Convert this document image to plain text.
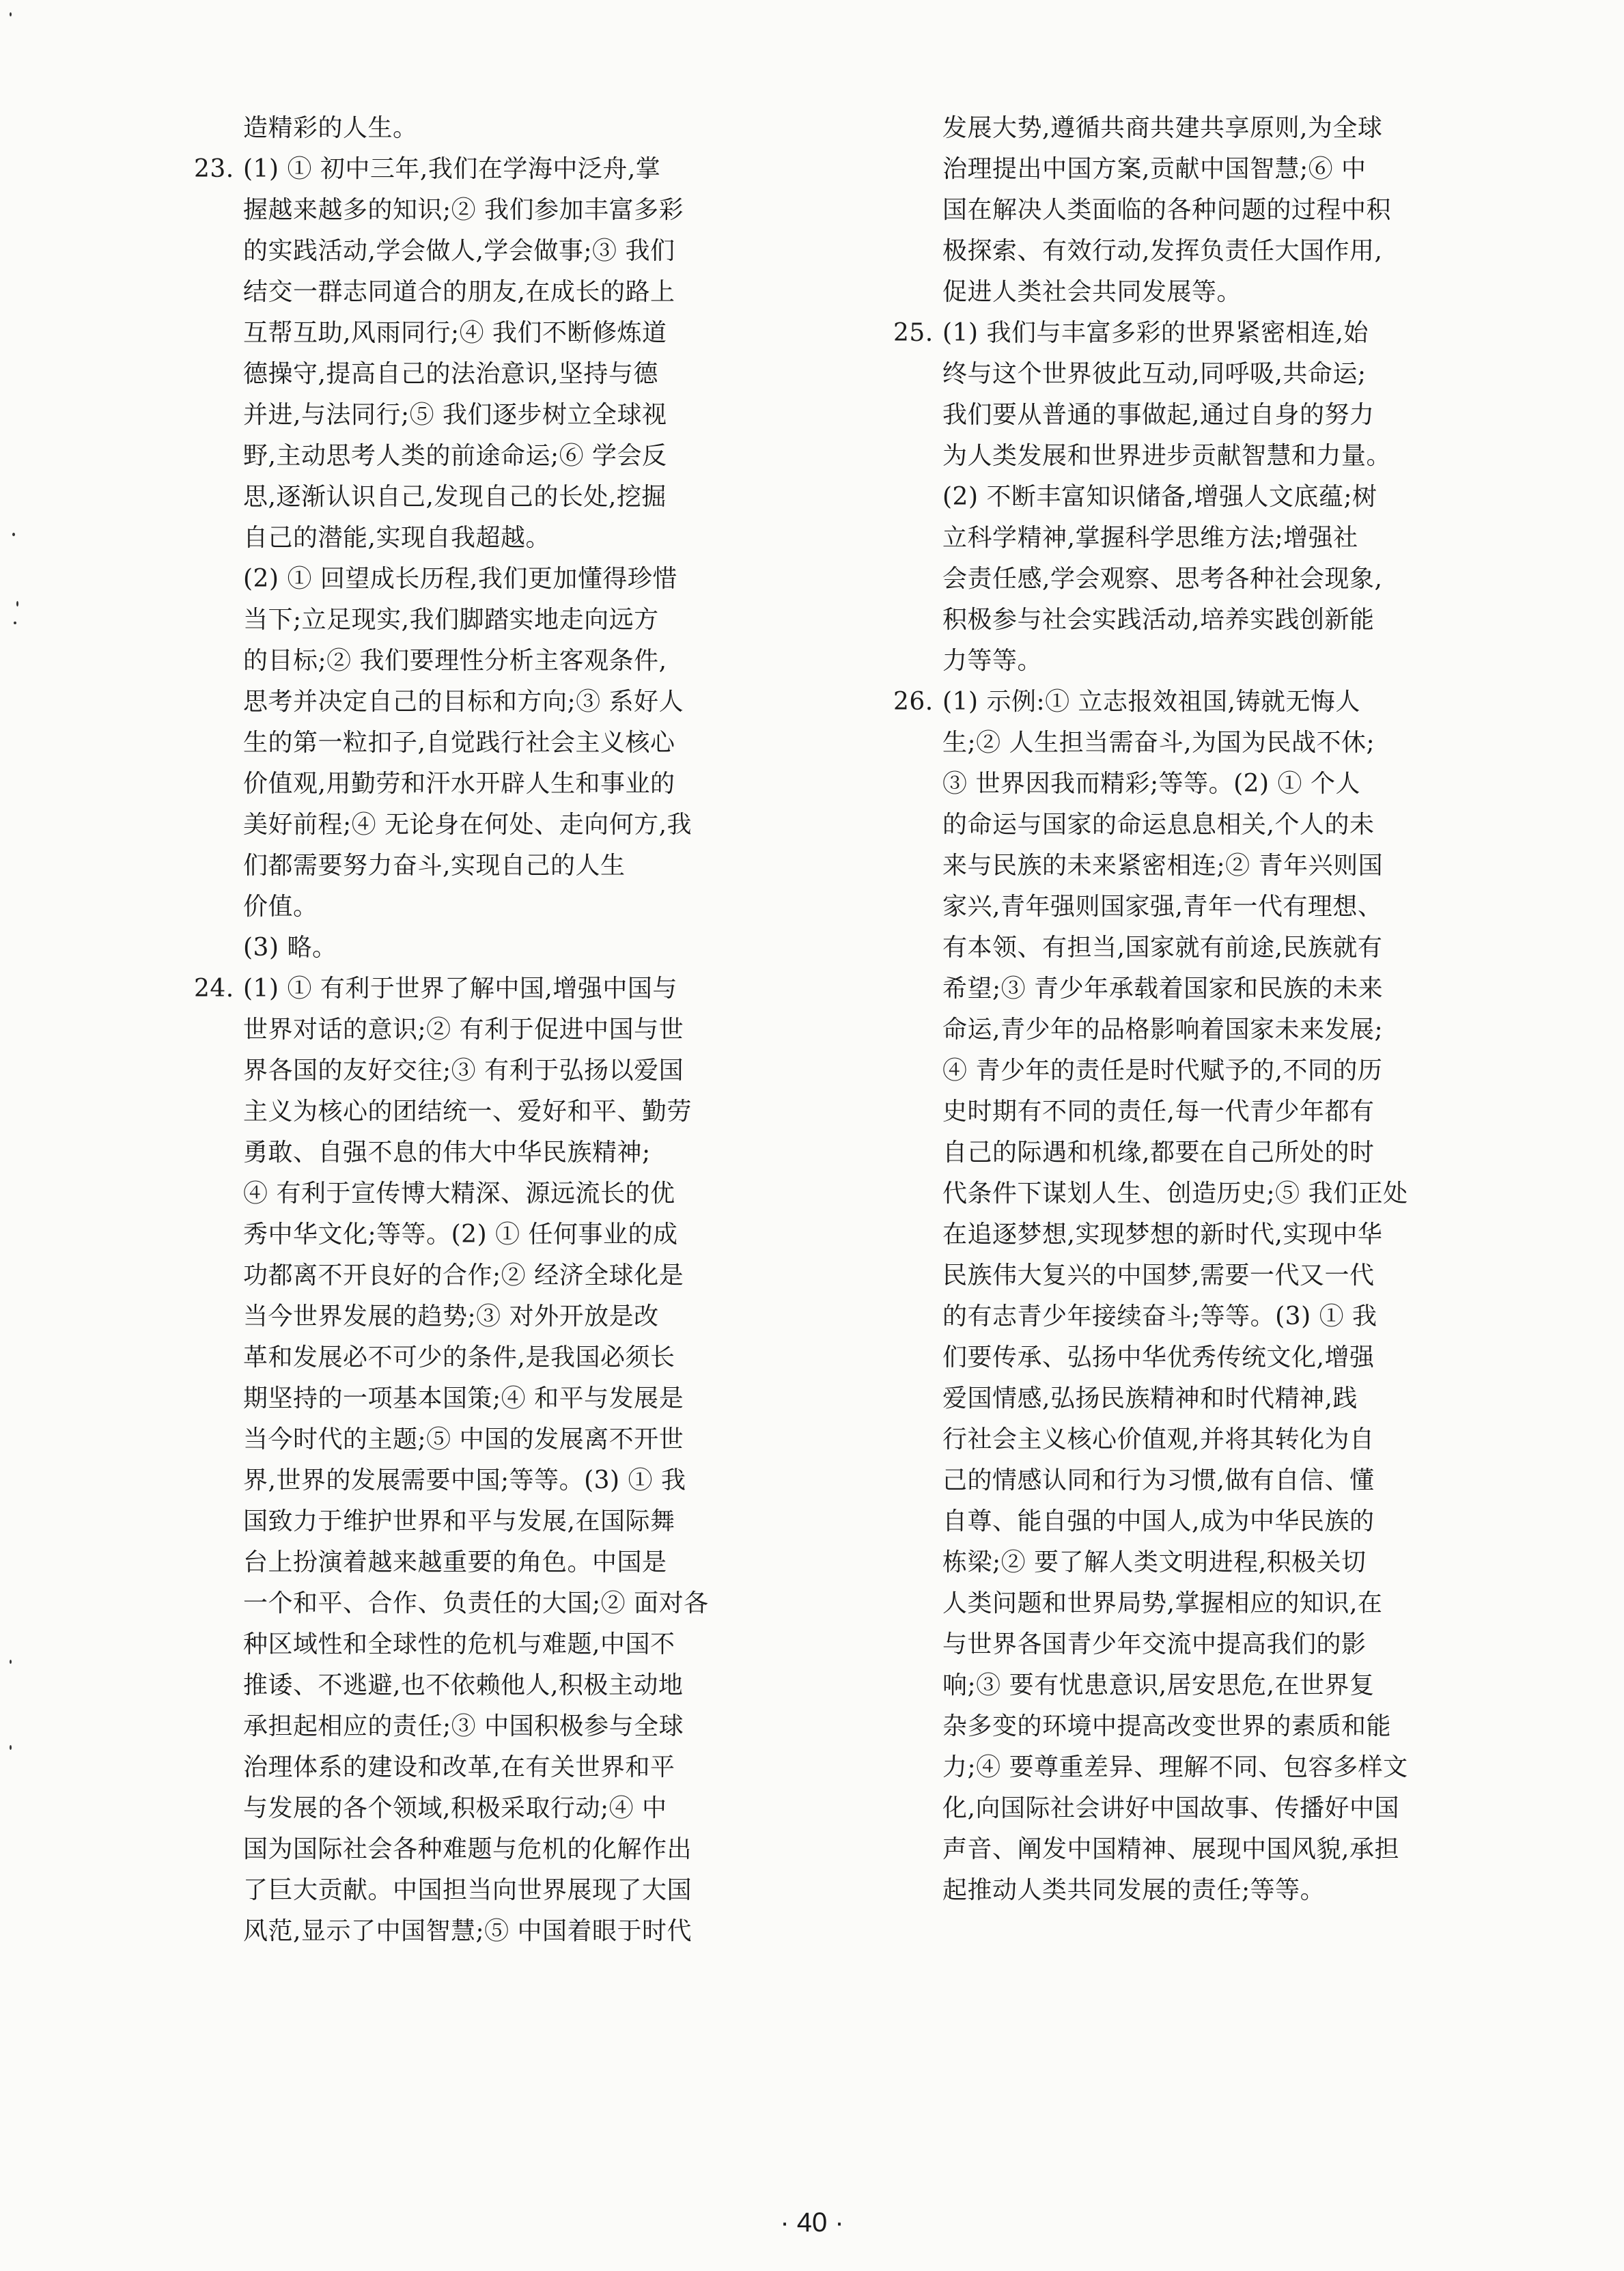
造精彩的人生。
23. (1) ① 初中三年,我们在学海中泛舟,掌
握越来越多的知识;② 我们参加丰富多彩
的实践活动,学会做人,学会做事;③ 我们
结交一群志同道合的朋友,在成长的路上
互帮互助,风雨同行;④ 我们不断修炼道
德操守,提高自己的法治意识,坚持与德
并进,与法同行;⑤ 我们逐步树立全球视
野,主动思考人类的前途命运;⑥ 学会反
思,逐渐认识自己,发现自己的长处,挖掘
自己的潜能,实现自我超越。
(2) ① 回望成长历程,我们更加懂得珍惜
当下;立足现实,我们脚踏实地走向远方
的目标;② 我们要理性分析主客观条件,
思考并决定自己的目标和方向;③ 系好人
生的第一粒扣子,自觉践行社会主义核心
价值观,用勤劳和汗水开辟人生和事业的
美好前程;④ 无论身在何处、走向何方,我
们都需要努力奋斗,实现自己的人生
价值。
(3) 略。
24. (1) ① 有利于世界了解中国,增强中国与
世界对话的意识;② 有利于促进中国与世
界各国的友好交往;③ 有利于弘扬以爱国
主义为核心的团结统一、爱好和平、勤劳
勇敢、自强不息的伟大中华民族精神;
④ 有利于宣传博大精深、源远流长的优
秀中华文化;等等。(2) ① 任何事业的成
功都离不开良好的合作;② 经济全球化是
当今世界发展的趋势;③ 对外开放是改
革和发展必不可少的条件,是我国必须长
期坚持的一项基本国策;④ 和平与发展是
当今时代的主题;⑤ 中国的发展离不开世
界,世界的发展需要中国;等等。(3) ① 我
国致力于维护世界和平与发展,在国际舞
台上扮演着越来越重要的角色。中国是
一个和平、合作、负责任的大国;② 面对各
种区域性和全球性的危机与难题,中国不
推诿、不逃避,也不依赖他人,积极主动地
承担起相应的责任;③ 中国积极参与全球
治理体系的建设和改革,在有关世界和平
与发展的各个领域,积极采取行动;④ 中
国为国际社会各种难题与危机的化解作出
了巨大贡献。中国担当向世界展现了大国
风范,显示了中国智慧;⑤ 中国着眼于时代
发展大势,遵循共商共建共享原则,为全球
治理提出中国方案,贡献中国智慧;⑥ 中
国在解决人类面临的各种问题的过程中积
极探索、有效行动,发挥负责任大国作用,
促进人类社会共同发展等。
25. (1) 我们与丰富多彩的世界紧密相连,始
终与这个世界彼此互动,同呼吸,共命运;
我们要从普通的事做起,通过自身的努力
为人类发展和世界进步贡献智慧和力量。
(2) 不断丰富知识储备,增强人文底蕴;树
立科学精神,掌握科学思维方法;增强社
会责任感,学会观察、思考各种社会现象,
积极参与社会实践活动,培养实践创新能
力等等。
26. (1) 示例:① 立志报效祖国,铸就无悔人
生;② 人生担当需奋斗,为国为民战不休;
③ 世界因我而精彩;等等。(2) ① 个人
的命运与国家的命运息息相关,个人的未
来与民族的未来紧密相连;② 青年兴则国
家兴,青年强则国家强,青年一代有理想、
有本领、有担当,国家就有前途,民族就有
希望;③ 青少年承载着国家和民族的未来
命运,青少年的品格影响着国家未来发展;
④ 青少年的责任是时代赋予的,不同的历
史时期有不同的责任,每一代青少年都有
自己的际遇和机缘,都要在自己所处的时
代条件下谋划人生、创造历史;⑤ 我们正处
在追逐梦想,实现梦想的新时代,实现中华
民族伟大复兴的中国梦,需要一代又一代
的有志青少年接续奋斗;等等。(3) ① 我
们要传承、弘扬中华优秀传统文化,增强
爱国情感,弘扬民族精神和时代精神,践
行社会主义核心价值观,并将其转化为自
己的情感认同和行为习惯,做有自信、懂
自尊、能自强的中国人,成为中华民族的
栋梁;② 要了解人类文明进程,积极关切
人类问题和世界局势,掌握相应的知识,在
与世界各国青少年交流中提高我们的影
响;③ 要有忧患意识,居安思危,在世界复
杂多变的环境中提高改变世界的素质和能
力;④ 要尊重差异、理解不同、包容多样文
化,向国际社会讲好中国故事、传播好中国
声音、阐发中国精神、展现中国风貌,承担
起推动人类共同发展的责任;等等。
· 40 ·
